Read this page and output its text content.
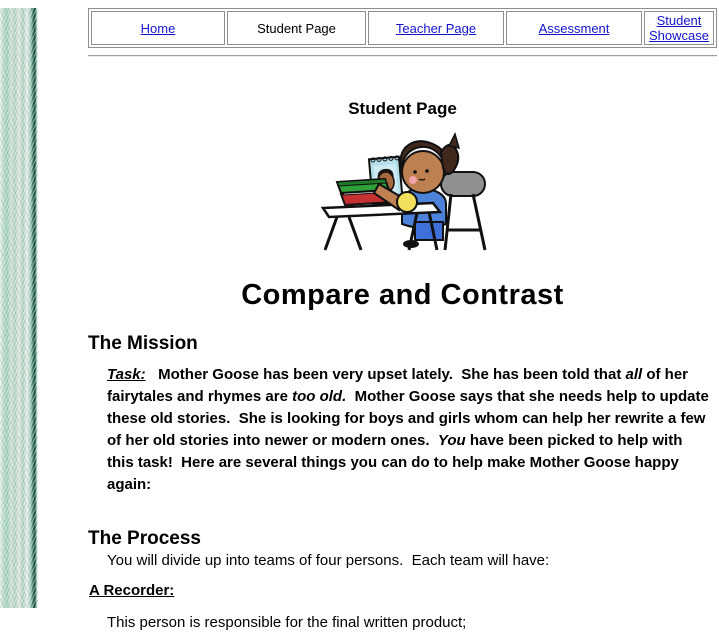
Home	Student Page	Teacher Page	Assessment	Student Showcase
Student Page
Compare and Contrast
The Mission

Task:   Mother Goose has been very upset lately.  She has been told that all of her fairytales and rhymes are too old.  Mother Goose says that she needs help to update these old stories.  She is looking for boys and girls whom can help her rewrite a few of her old stories into newer or modern ones.  You have been picked to help with this task!  Here are several things you can do to help make Mother Goose happy again:

The Process

You will divide up into teams of four persons.  Each team will have:

A Recorder:

This person is responsible for the final written product;
